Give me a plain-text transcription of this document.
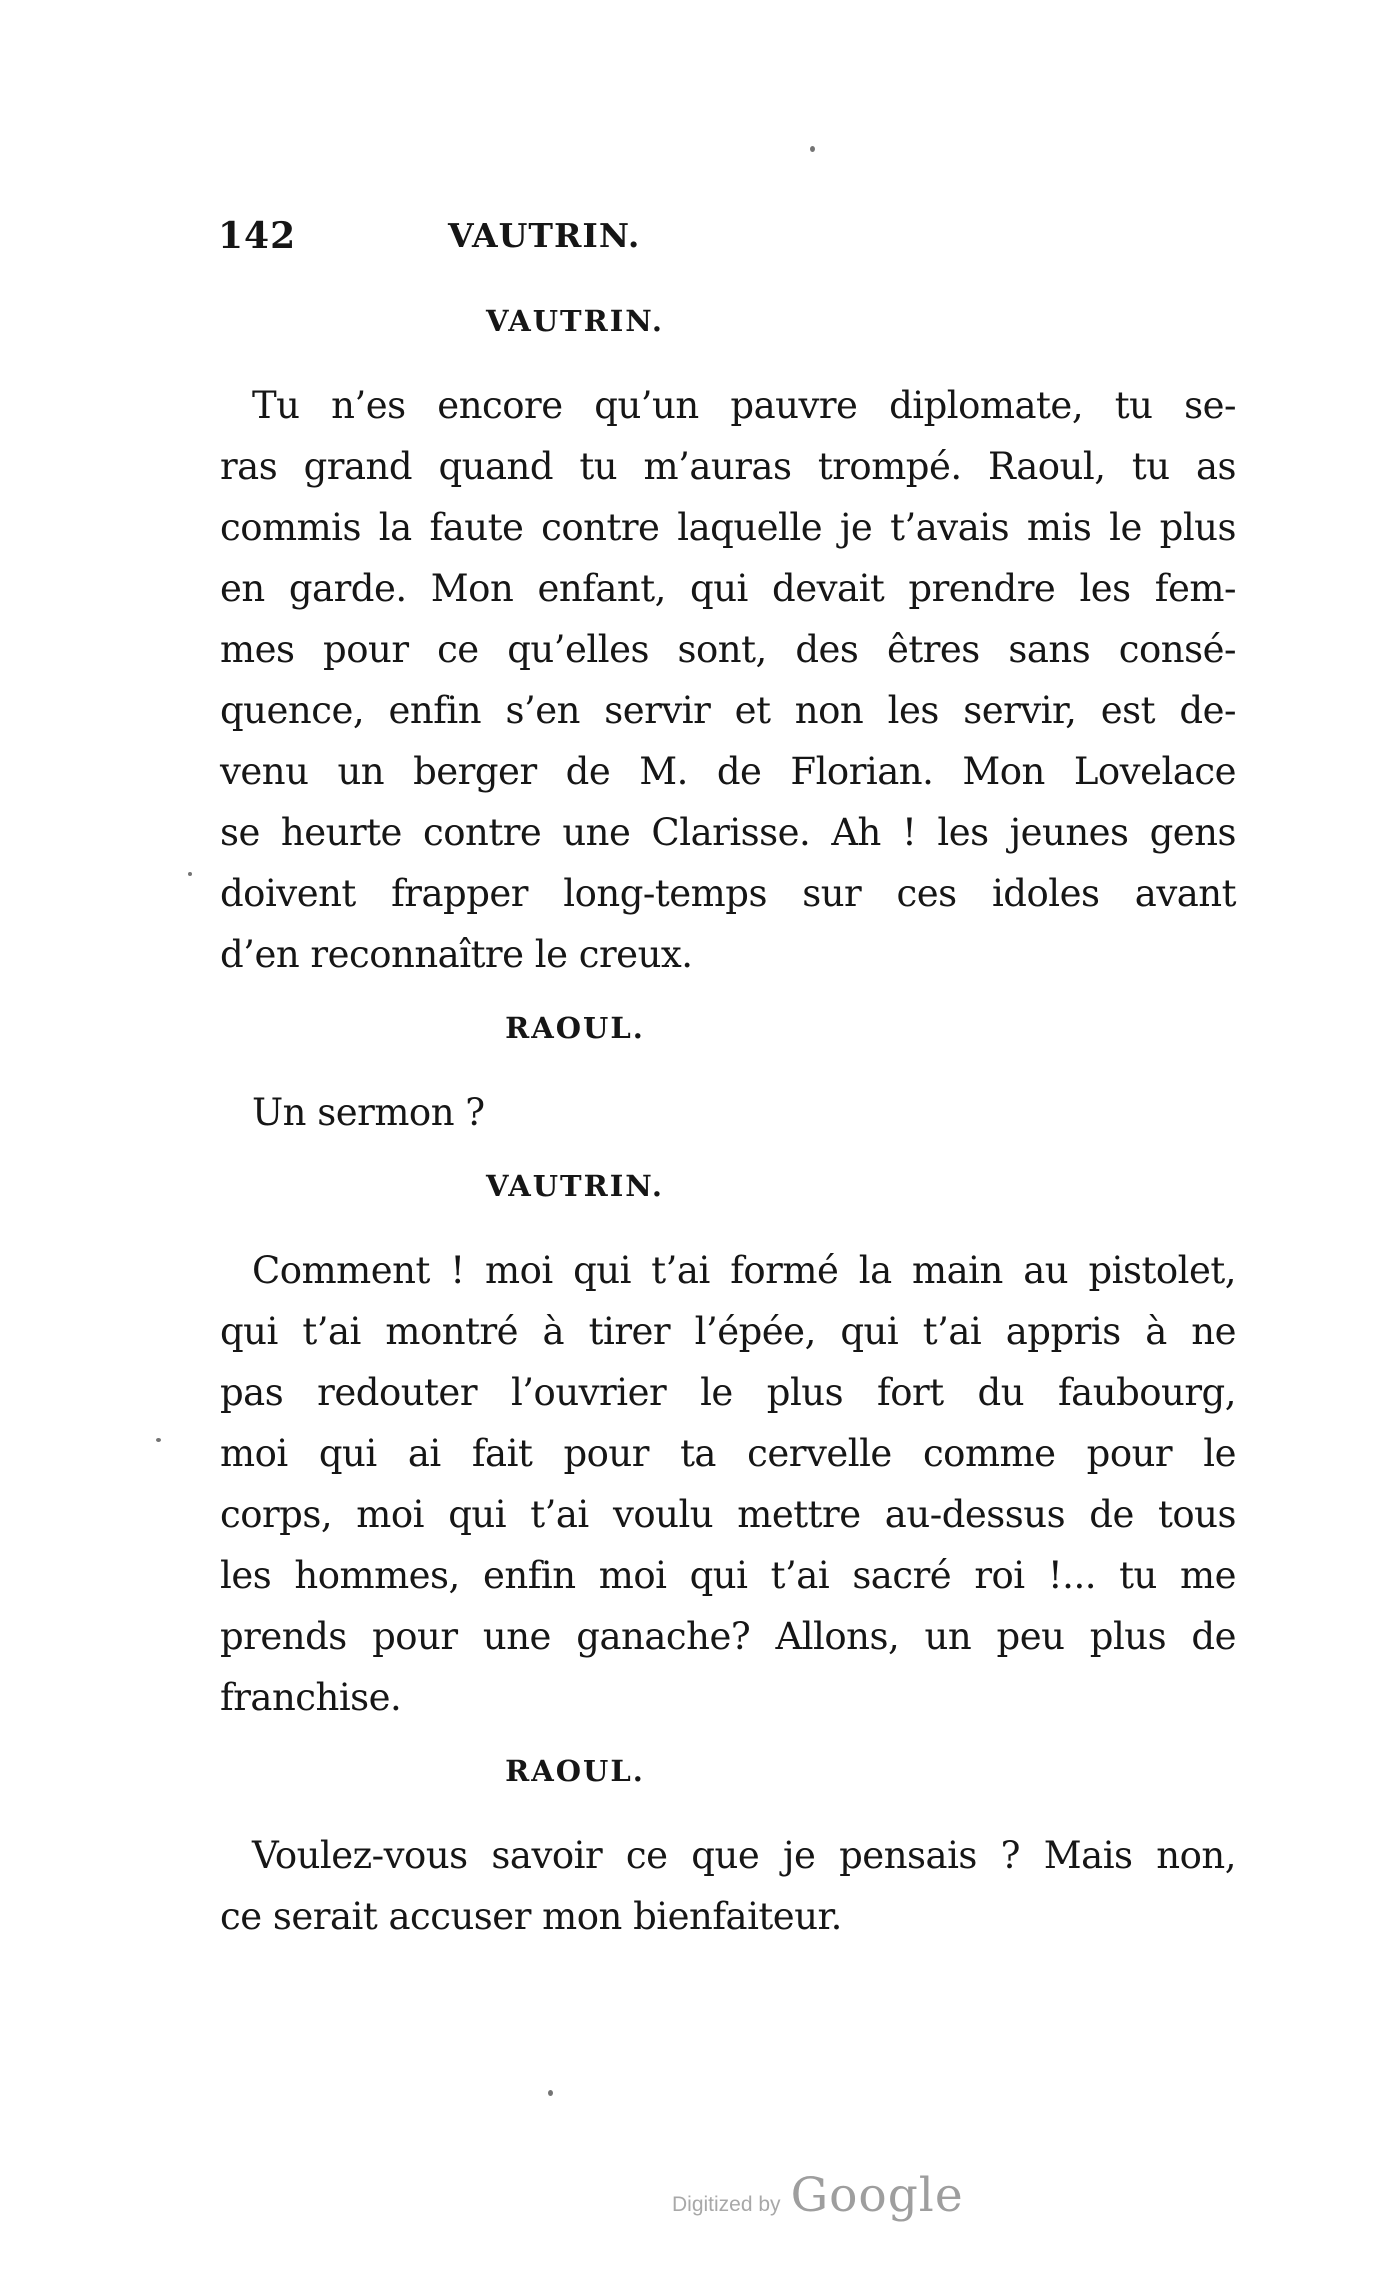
142	VAUTRIN.
VAUTRIN.
Tu n’es encore qu’un pauvre diplomate, tu se-
ras grand quand tu m’auras trompé. Raoul, tu as
commis la faute contre laquelle je t’avais mis le plus
en garde. Mon enfant, qui devait prendre les fem-
mes pour ce qu’elles sont, des êtres sans consé-
quence, enfin s’en servir et non les servir, est de-
venu un berger de M. de Florian. Mon Lovelace
se heurte contre une Clarisse. Ah ! les jeunes gens
doivent frapper long-temps sur ces idoles avant
d’en reconnaître le creux.
RAOUL.
Un sermon ?
VAUTRIN.
Comment ! moi qui t’ai formé la main au pistolet,
qui t’ai montré à tirer l’épée, qui t’ai appris à ne
pas redouter l’ouvrier le plus fort du faubourg,
moi qui ai fait pour ta cervelle comme pour le
corps, moi qui t’ai voulu mettre au-dessus de tous
les hommes, enfin moi qui t’ai sacré roi !... tu me
prends pour une ganache? Allons, un peu plus de
franchise.
RAOUL.
Voulez-vous savoir ce que je pensais ? Mais non,
ce serait accuser mon bienfaiteur.
Digitized by Google
